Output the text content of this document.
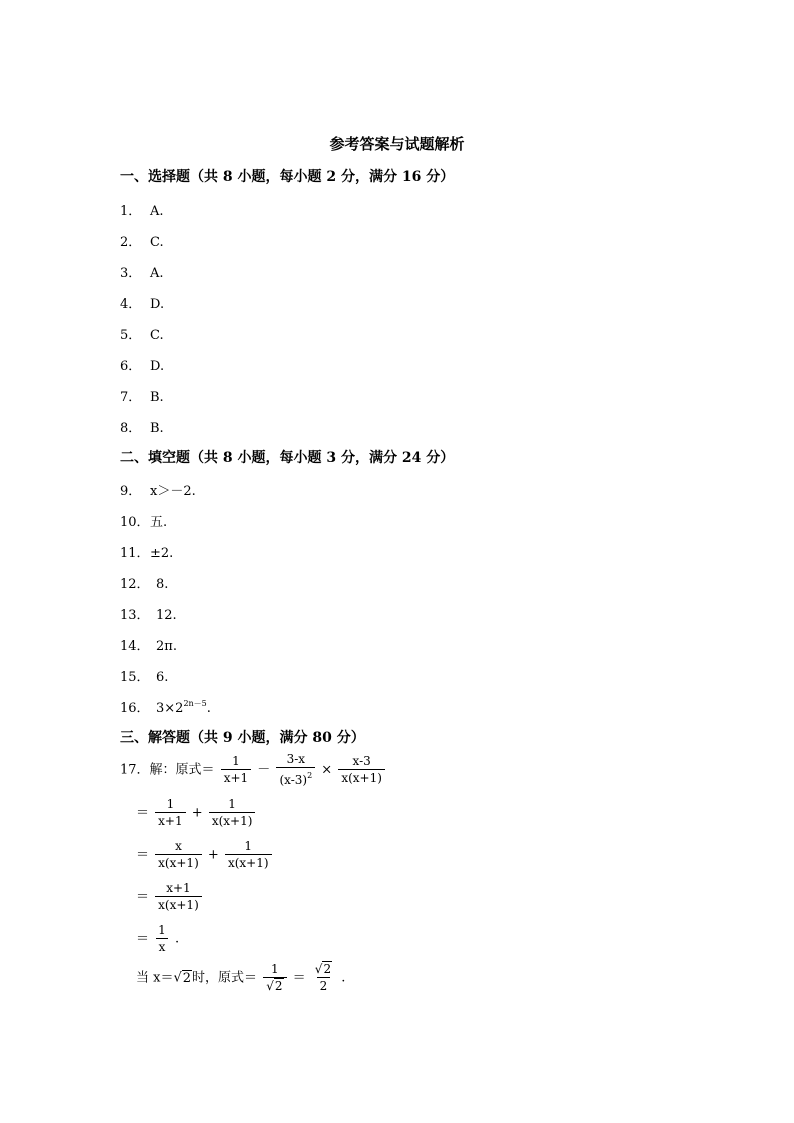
参考答案与试题解析
一、选择题（共 8 小题，每小题 2 分，满分 16 分）
1． A.
2． C.
3． A.
4． D.
5． C.
6． D.
7． B.
8． B.
二、填空题（共 8 小题，每小题 3 分，满分 24 分）
9． x＞－2.
10．五.
11．±2.
12． 8.
13． 12.
14． 2π.
15． 6.
16． $3\times 2^{2n-5}$.
三、解答题（共 9 小题，满分 80 分）
17．解：原式＝ $\frac{1}{x+1} - \frac{3-x}{(x-3)^2} \times \frac{x-3}{x(x+1)}$
＝ $\frac{1}{x+1} + \frac{1}{x(x+1)}$
＝ $\frac{x}{x(x+1)} + \frac{1}{x(x+1)}$
＝ $\frac{x+1}{x(x+1)}$
＝ $\frac{1}{x}$ .
当 x＝√2时，原式＝ $\frac{1}{√2} = \frac{√2}{2}$ .
